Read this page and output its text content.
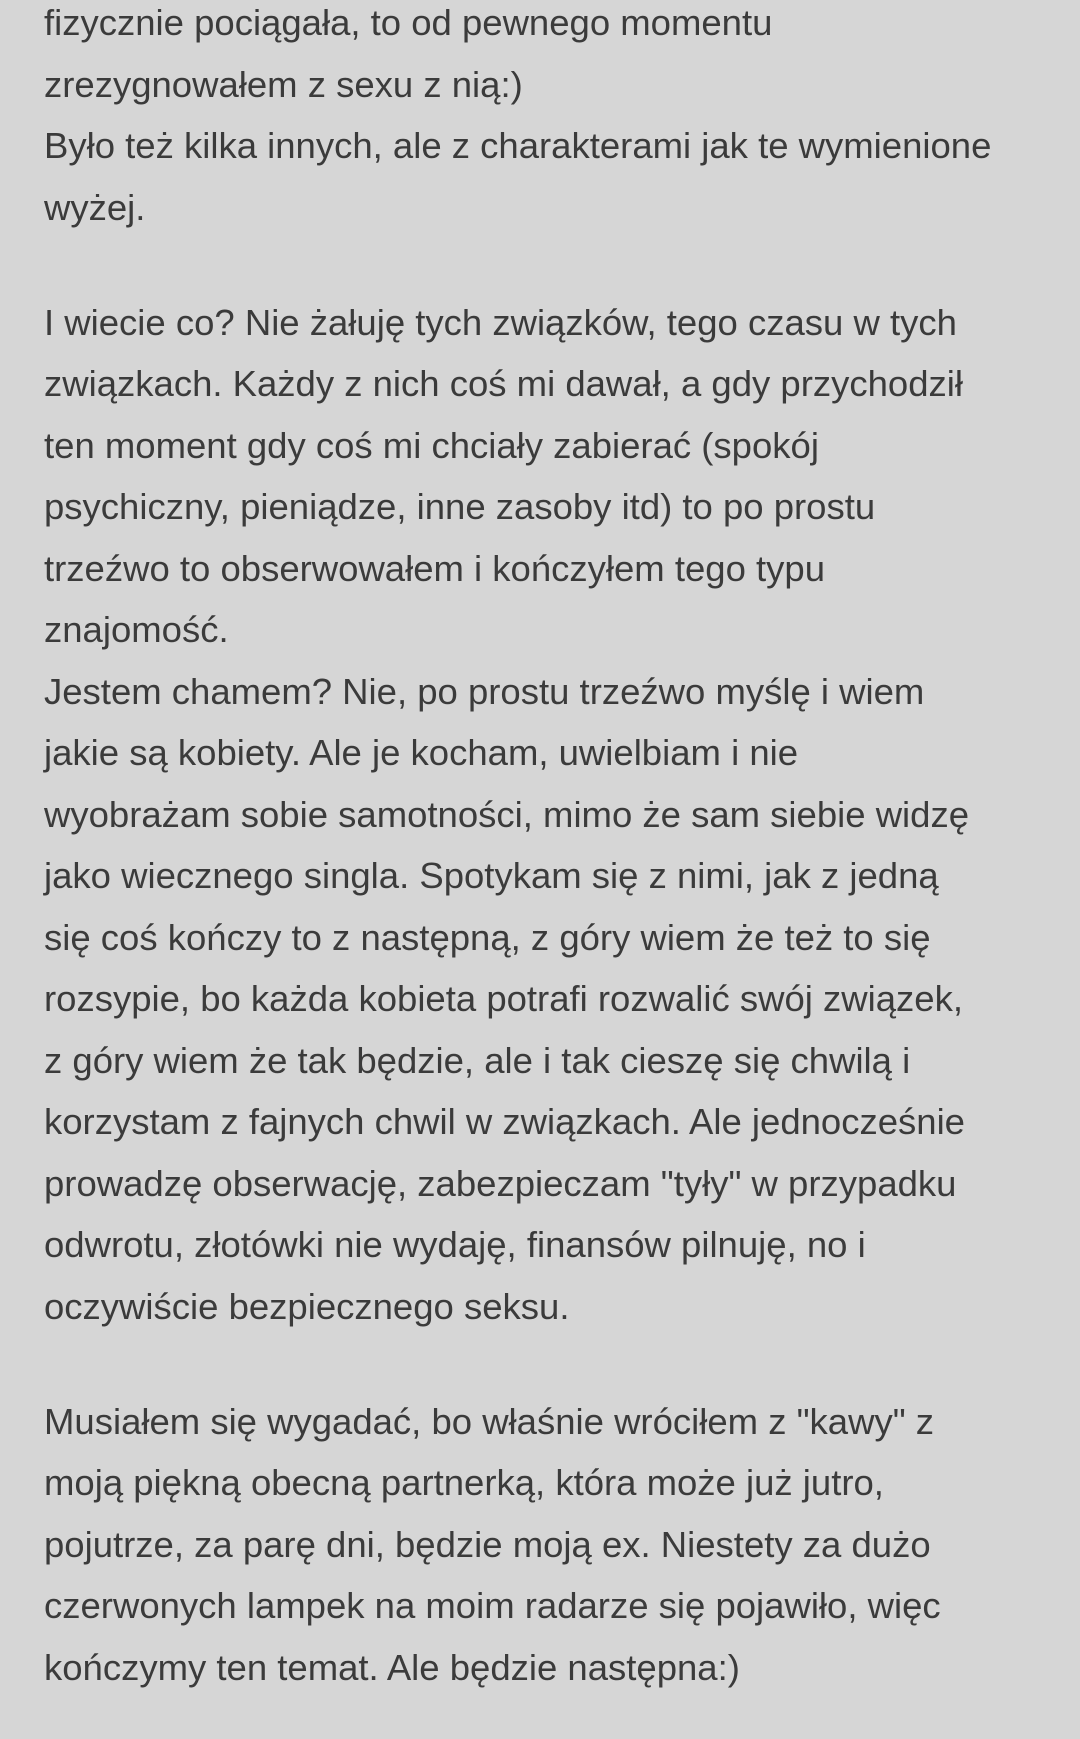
fizycznie pociągała, to od pewnego momentu
zrezygnowałem z sexu z nią:)
Było też kilka innych, ale z charakterami jak te wymienione
wyżej.
I wiecie co? Nie żałuję tych związków, tego czasu w tych
związkach. Każdy z nich coś mi dawał, a gdy przychodził
ten moment gdy coś mi chciały zabierać (spokój
psychiczny, pieniądze, inne zasoby itd) to po prostu
trzeźwo to obserwowałem i kończyłem tego typu
znajomość.
Jestem chamem? Nie, po prostu trzeźwo myślę i wiem
jakie są kobiety. Ale je kocham, uwielbiam i nie
wyobrażam sobie samotności, mimo że sam siebie widzę
jako wiecznego singla. Spotykam się z nimi, jak z jedną
się coś kończy to z następną, z góry wiem że też to się
rozsypie, bo każda kobieta potrafi rozwalić swój związek,
z góry wiem że tak będzie, ale i tak cieszę się chwilą i
korzystam z fajnych chwil w związkach. Ale jednocześnie
prowadzę obserwację, zabezpieczam "tyły" w przypadku
odwrotu, złotówki nie wydaję, finansów pilnuję, no i
oczywiście bezpiecznego seksu.
Musiałem się wygadać, bo właśnie wróciłem z "kawy" z
moją piękną obecną partnerką, która może już jutro,
pojutrze, za parę dni, będzie moją ex. Niestety za dużo
czerwonych lampek na moim radarze się pojawiło, więc
kończymy ten temat. Ale będzie następna:)
